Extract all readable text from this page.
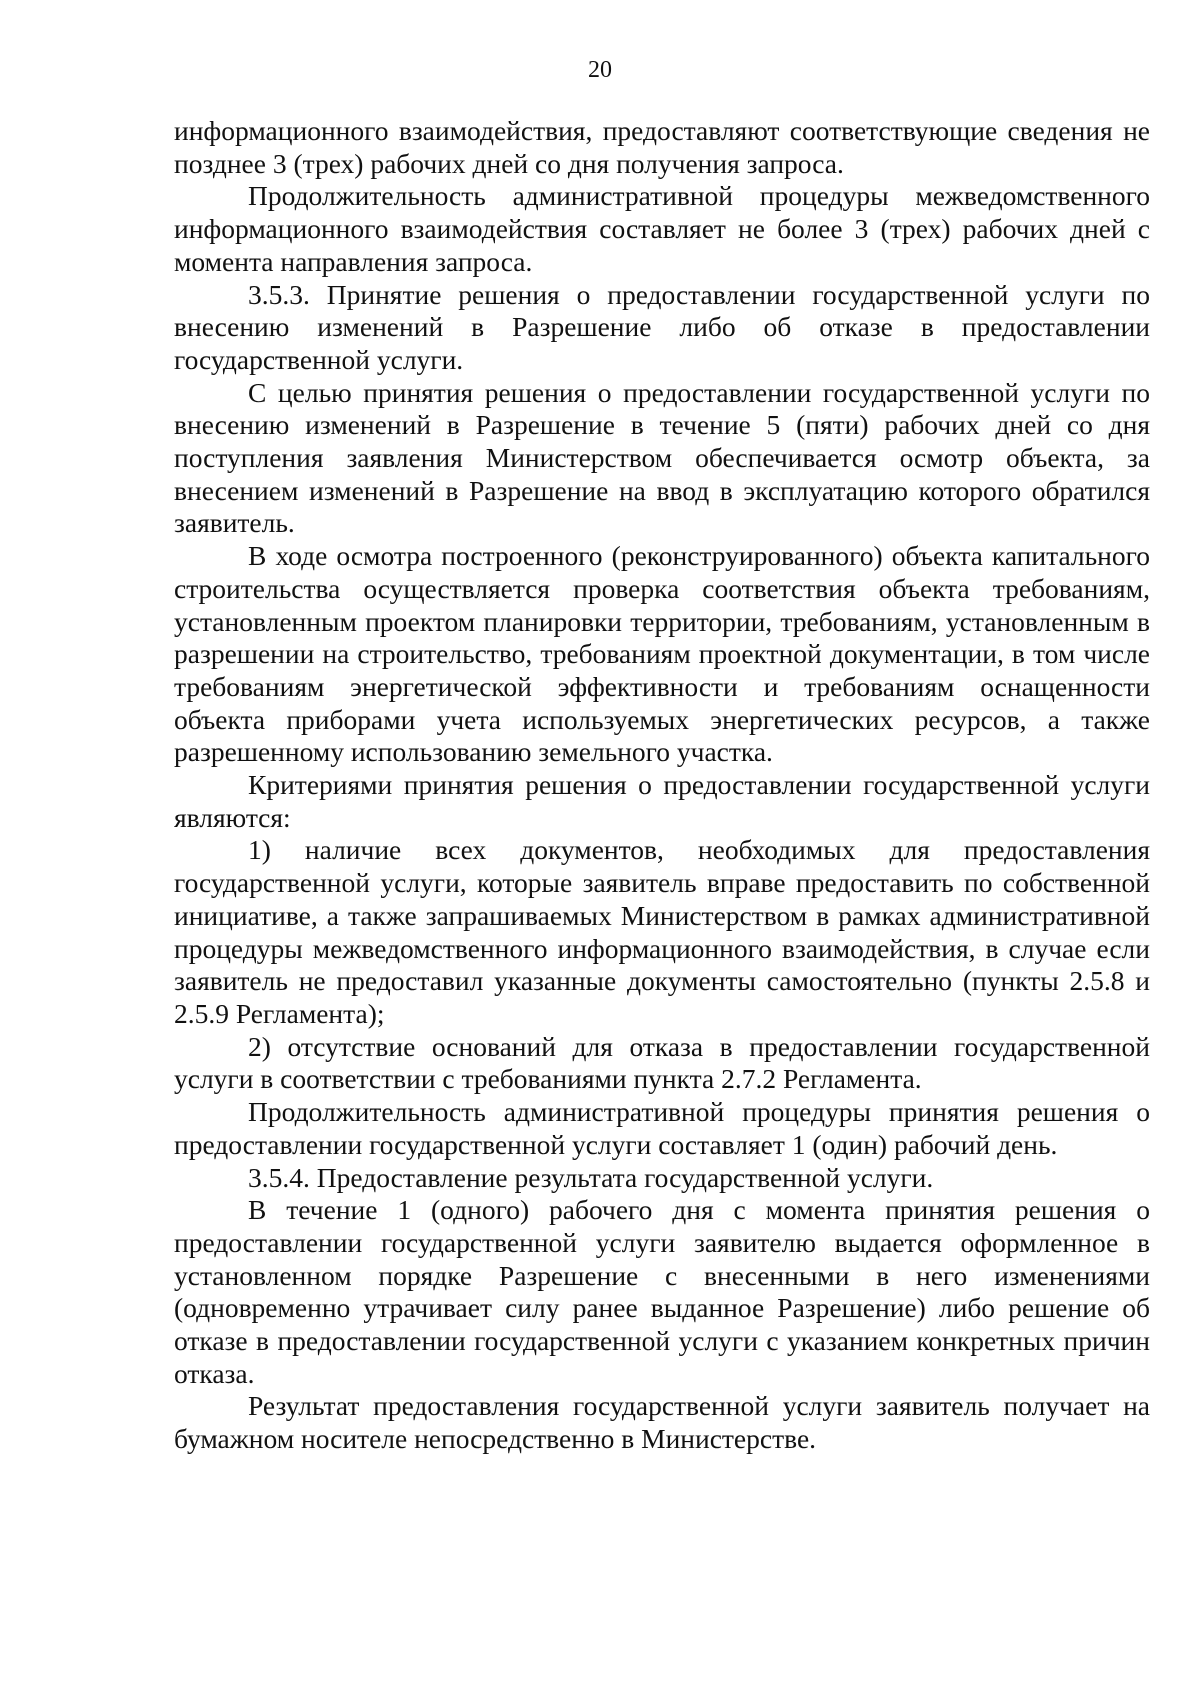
20

информационного взаимодействия, предоставляют соответствующие сведения не позднее 3 (трех) рабочих дней со дня получения запроса.

Продолжительность административной процедуры межведомственного информационного взаимодействия составляет не более 3 (трех) рабочих дней с момента направления запроса.

3.5.3. Принятие решения о предоставлении государственной услуги по внесению изменений в Разрешение либо об отказе в предоставлении государственной услуги.

С целью принятия решения о предоставлении государственной услуги по внесению изменений в Разрешение в течение 5 (пяти) рабочих дней со дня поступления заявления Министерством обеспечивается осмотр объекта, за внесением изменений в Разрешение на ввод в эксплуатацию которого обратился заявитель.

В ходе осмотра построенного (реконструированного) объекта капитального строительства осуществляется проверка соответствия объекта требованиям, установленным проектом планировки территории, требованиям, установленным в разрешении на строительство, требованиям проектной документации, в том числе требованиям энергетической эффективности и требованиям оснащенности объекта приборами учета используемых энергетических ресурсов, а также разрешенному использованию земельного участка.

Критериями принятия решения о предоставлении государственной услуги являются:

1) наличие всех документов, необходимых для предоставления государственной услуги, которые заявитель вправе предоставить по собственной инициативе, а также запрашиваемых Министерством в рамках административной процедуры межведомственного информационного взаимодействия, в случае если заявитель не предоставил указанные документы самостоятельно (пункты 2.5.8 и 2.5.9 Регламента);

2) отсутствие оснований для отказа в предоставлении государственной услуги в соответствии с требованиями пункта 2.7.2 Регламента.

Продолжительность административной процедуры принятия решения о предоставлении государственной услуги составляет 1 (один) рабочий день.

3.5.4. Предоставление результата государственной услуги.

В течение 1 (одного) рабочего дня с момента принятия решения о предоставлении государственной услуги заявителю выдается оформленное в установленном порядке Разрешение с внесенными в него изменениями (одновременно утрачивает силу ранее выданное Разрешение) либо решение об отказе в предоставлении государственной услуги с указанием конкретных причин отказа.

Результат предоставления государственной услуги заявитель получает на бумажном носителе непосредственно в Министерстве.
